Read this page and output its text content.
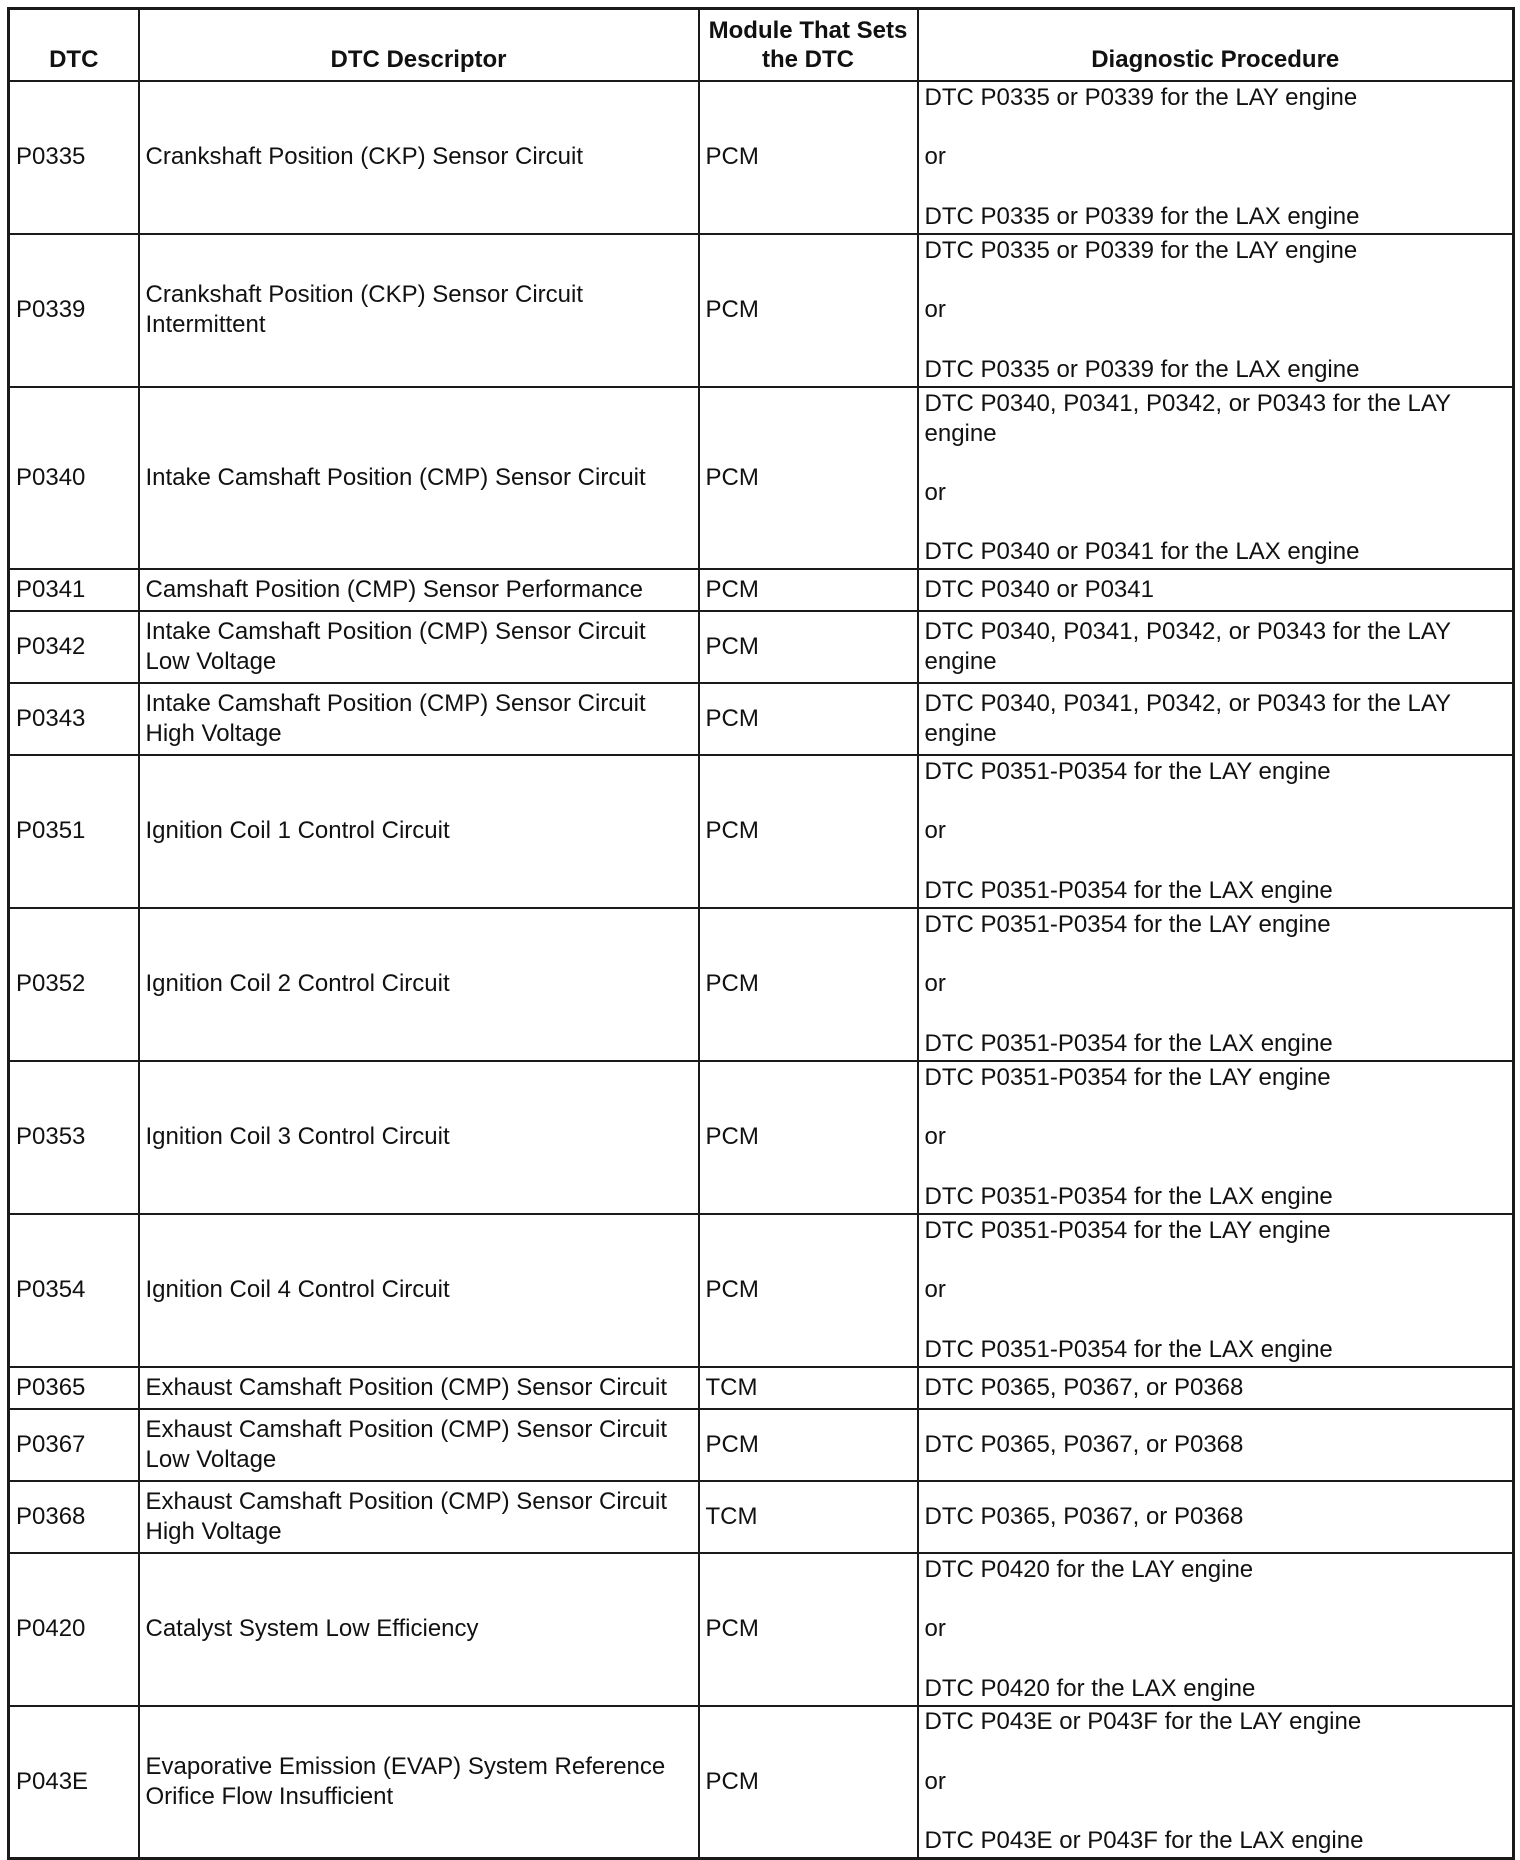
DTC	DTC Descriptor	Module That Sets the DTC	Diagnostic Procedure
P0335	Crankshaft Position (CKP) Sensor Circuit	PCM	DTC P0335 or P0339 for the LAY engine
or
DTC P0335 or P0339 for the LAX engine

P0339	Crankshaft Position (CKP) Sensor Circuit Intermittent	PCM	DTC P0335 or P0339 for the LAY engine
or
DTC P0335 or P0339 for the LAX engine

P0340	Intake Camshaft Position (CMP) Sensor Circuit	PCM	DTC P0340, P0341, P0342, or P0343 for the LAY engine
or
DTC P0340 or P0341 for the LAX engine

P0341	Camshaft Position (CMP) Sensor Performance	PCM	DTC P0340 or P0341

P0342	Intake Camshaft Position (CMP) Sensor Circuit Low Voltage	PCM	DTC P0340, P0341, P0342, or P0343 for the LAY engine

P0343	Intake Camshaft Position (CMP) Sensor Circuit High Voltage	PCM	DTC P0340, P0341, P0342, or P0343 for the LAY engine

P0351	Ignition Coil 1 Control Circuit	PCM	DTC P0351-P0354 for the LAY engine
or
DTC P0351-P0354 for the LAX engine

P0352	Ignition Coil 2 Control Circuit	PCM	DTC P0351-P0354 for the LAY engine
or
DTC P0351-P0354 for the LAX engine

P0353	Ignition Coil 3 Control Circuit	PCM	DTC P0351-P0354 for the LAY engine
or
DTC P0351-P0354 for the LAX engine

P0354	Ignition Coil 4 Control Circuit	PCM	DTC P0351-P0354 for the LAY engine
or
DTC P0351-P0354 for the LAX engine

P0365	Exhaust Camshaft Position (CMP) Sensor Circuit	TCM	DTC P0365, P0367, or P0368

P0367	Exhaust Camshaft Position (CMP) Sensor Circuit Low Voltage	PCM	DTC P0365, P0367, or P0368

P0368	Exhaust Camshaft Position (CMP) Sensor Circuit High Voltage	TCM	DTC P0365, P0367, or P0368

P0420	Catalyst System Low Efficiency	PCM	DTC P0420 for the LAY engine
or
DTC P0420 for the LAX engine

P043E	Evaporative Emission (EVAP) System Reference Orifice Flow Insufficient	PCM	DTC P043E or P043F for the LAY engine
or
DTC P043E or P043F for the LAX engine
